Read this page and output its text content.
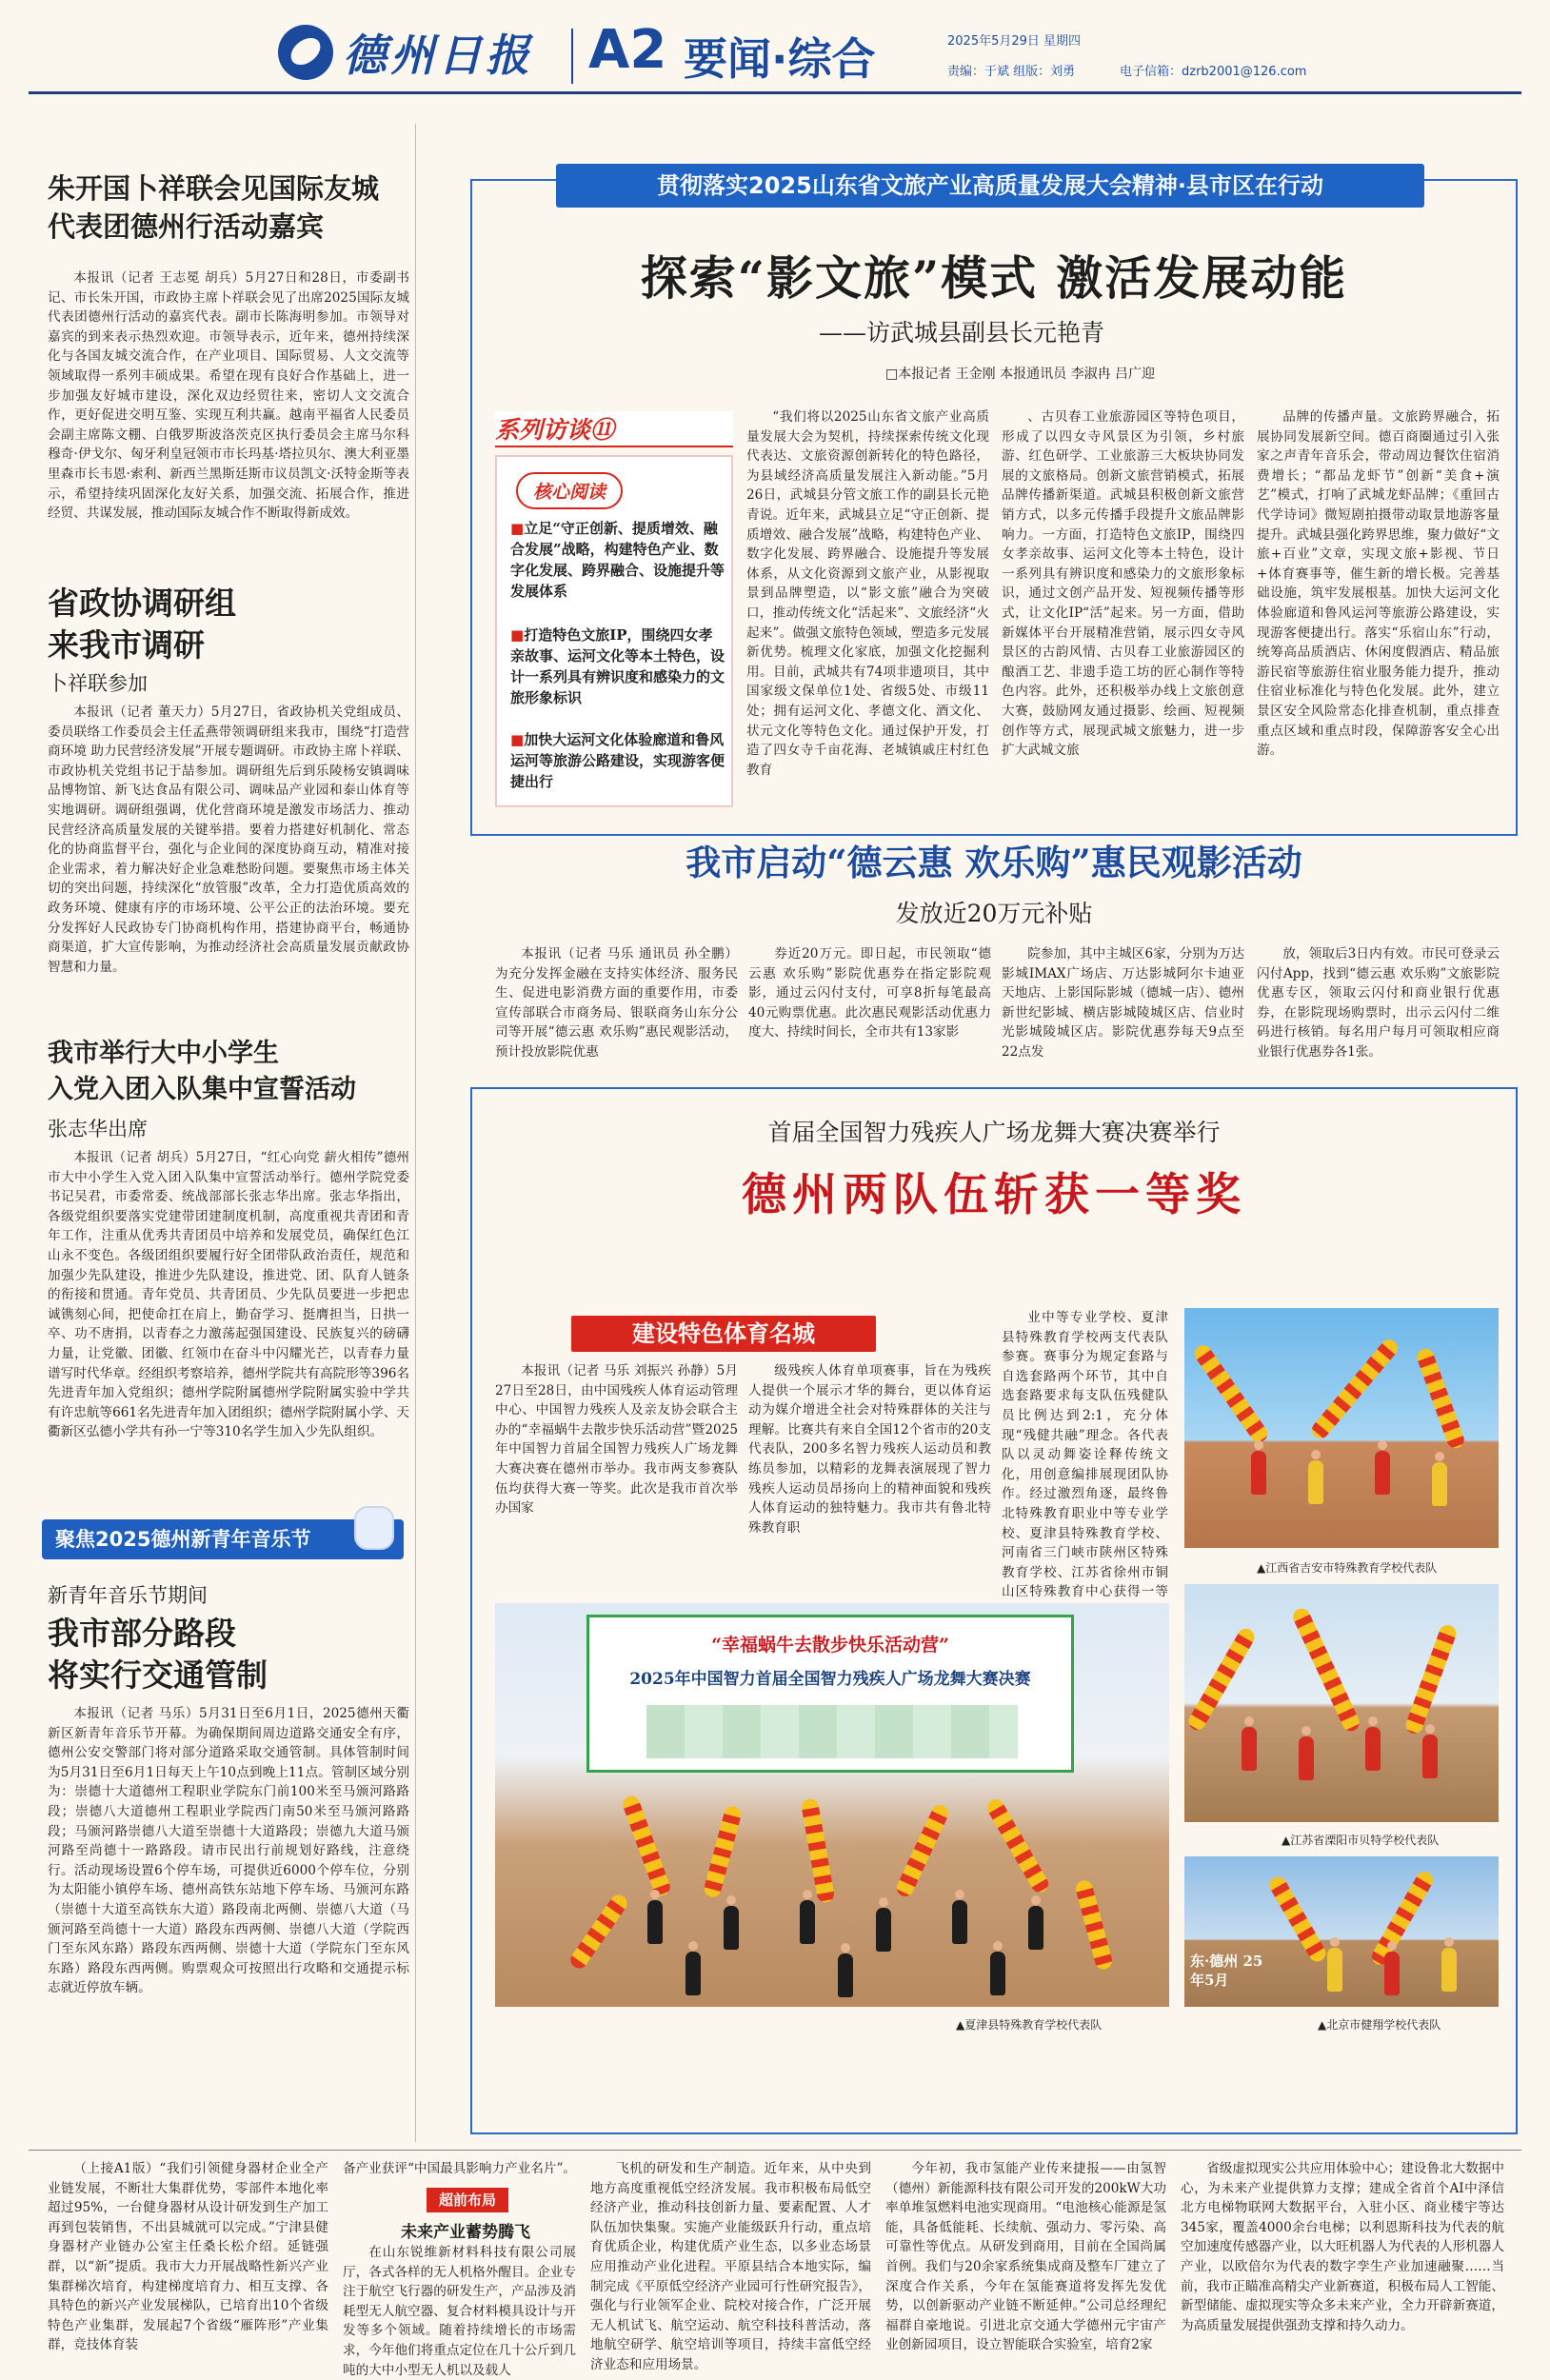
德州日报 A2 要闻·综合	2025年5月29日 星期四
责编：于斌 组版：刘勇	电子信箱：dzrb2001@126.com
朱开国卜祥联会见国际友城
代表团德州行活动嘉宾

本报讯（记者 王志冕 胡兵）5月27日和28日，市委副书记、市长朱开国，市政协主席卜祥联会见了出席2025国际友城代表团德州行活动的嘉宾代表。副市长陈海明参加。市领导对嘉宾的到来表示热烈欢迎。市领导表示，近年来，德州持续深化与各国友城交流合作，在产业项目、国际贸易、人文交流等领域取得一系列丰硕成果。希望在现有良好合作基础上，进一步加强友好城市建设，深化双边经贸往来，密切人文交流合作，更好促进交明互鉴、实现互利共赢。越南平福省人民委员会副主席陈文棚、白俄罗斯波洛茨克区执行委员会主席马尔科穆奇·伊戈尔、匈牙利皇冠领市市长玛基·塔拉贝尔、澳大利亚墨里森市长韦恩·索利、新西兰黑斯廷斯市议员凯文·沃特金斯等表示，希望持续巩固深化友好关系，加强交流、拓展合作，推进经贸、共谋发展，推动国际友城合作不断取得新成效。

省政协调研组
来我市调研
卜祥联参加

本报讯（记者 董天力）5月27日，省政协机关党组成员、委员联络工作委员会主任孟燕带领调研组来我市，围绕“打造营商环境 助力民营经济发展”开展专题调研。市政协主席卜祥联、市政协机关党组书记于喆参加。调研组先后到乐陵杨安镇调味品博物馆、新飞达食品有限公司、调味品产业园和泰山体育等实地调研。调研组强调，优化营商环境是激发市场活力、推动民营经济高质量发展的关键举措。要着力搭建好机制化、常态化的协商监督平台，强化与企业间的深度协商互动，精准对接企业需求，着力解决好企业急难愁盼问题。要聚焦市场主体关切的突出问题，持续深化“放管服”改革，全力打造优质高效的政务环境、健康有序的市场环境、公平公正的法治环境。要充分发挥好人民政协专门协商机构作用，搭建协商平台，畅通协商渠道，扩大宣传影响，为推动经济社会高质量发展贡献政协智慧和力量。

我市举行大中小学生
入党入团入队集中宣誓活动
张志华出席

本报讯（记者 胡兵）5月27日，“红心向党 薪火相传”德州市大中小学生入党入团入队集中宣誓活动举行。德州学院党委书记吴君，市委常委、统战部部长张志华出席。张志华指出，各级党组织要落实党建带团建制度机制，高度重视共青团和青年工作，注重从优秀共青团员中培养和发展党员，确保红色江山永不变色。各级团组织要履行好全团带队政治责任，规范和加强少先队建设，推进少先队建设，推进党、团、队育人链条的衔接和贯通。青年党员、共青团员、少先队员要进一步把忠诚镌刻心间，把使命扛在肩上，勤奋学习、挺膺担当，日拱一卒、功不唐捐，以青春之力激荡起强国建设、民族复兴的磅礴力量，让党徽、团徽、红领巾在奋斗中闪耀光芒，以青春力量谱写时代华章。经组织考察培养，德州学院共有高院形等396名先进青年加入党组织；德州学院附属德州学院附属实验中学共有许忠航等661名先进青年加入团组织；德州学院附属小学、天衢新区弘德小学共有孙一宁等310名学生加入少先队组织。

聚焦2025德州新青年音乐节
新青年音乐节期间
我市部分路段
将实行交通管制

本报讯（记者 马乐）5月31日至6月1日，2025德州天衢新区新青年音乐节开幕。为确保期间周边道路交通安全有序，德州公安交警部门将对部分道路采取交通管制。具体管制时间为5月31日至6月1日每天上午10点到晚上11点。管制区域分别为：崇德十大道德州工程职业学院东门前100米至马颁河路路段；崇德八大道德州工程职业学院西门南50米至马颁河路路段；马颁河路崇德八大道至崇德十大道路段；崇德九大道马颁河路至尚德十一路路段。请市民出行前规划好路线，注意绕行。活动现场设置6个停车场，可提供近6000个停车位，分别为太阳能小镇停车场、德州高铁东站地下停车场、马颁河东路（崇德十大道至高铁东大道）路段南北两侧、崇德八大道（马颁河路至尚德十一大道）路段东西两侧、崇德八大道（学院西门至东风东路）路段东西两侧、崇德十大道（学院东门至东风东路）路段东西两侧。购票观众可按照出行攻略和交通提示标志就近停放车辆。

贯彻落实2025山东省文旅产业高质量发展大会精神·县市区在行动
探索“影文旅”模式 激活发展动能
——访武城县副县长元艳青
□本报记者 王金刚 本报通讯员 李淑冉 吕广迎
系列访谈⑪
核心阅读
■立足“守正创新、提质增效、融合发展”战略，构建特色产业、数字化发展、跨界融合、设施提升等发展体系
■打造特色文旅IP，围绕四女孝亲故事、运河文化等本土特色，设计一系列具有辨识度和感染力的文旅形象标识
■加快大运河文化体验廊道和鲁风运河等旅游公路建设，实现游客便捷出行

“我们将以2025山东省文旅产业高质量发展大会为契机，持续探索传统文化现代表达、文旅资源创新转化的特色路径，为县域经济高质量发展注入新动能。”5月26日，武城县分管文旅工作的副县长元艳青说。近年来，武城县立足“守正创新、提质增效、融合发展”战略，构建特色产业、数字化发展、跨界融合、设施提升等发展体系，从文化资源到文旅产业，从影视取景到品牌塑造，以“影文旅”融合为突破口，推动传统文化“活起来”、文旅经济“火起来”。做强文旅特色领域，塑造多元发展新优势。梳理文化家底，加强文化挖掘利用。目前，武城共有74项非遗项目，其中国家级文保单位1处、省级5处、市级11处；拥有运河文化、孝德文化、酒文化、状元文化等特色文化。通过保护开发，打造了四女寺千亩花海、老城镇戚庄村红色教育

、古贝春工业旅游园区等特色项目，形成了以四女寺风景区为引领，乡村旅游、红色研学、工业旅游三大板块协同发展的文旅格局。创新文旅营销模式，拓展品牌传播新渠道。武城县积极创新文旅营销方式，以多元传播手段提升文旅品牌影响力。一方面，打造特色文旅IP，围绕四女孝亲故事、运河文化等本土特色，设计一系列具有辨识度和感染力的文旅形象标识，通过文创产品开发、短视频传播等形式，让文化IP“活”起来。另一方面，借助新媒体平台开展精准营销，展示四女寺风景区的古韵风情、古贝春工业旅游园区的酿酒工艺、非遗手造工坊的匠心制作等特色内容。此外，还积极举办线上文旅创意大赛，鼓励网友通过摄影、绘画、短视频创作等方式，展现武城文旅魅力，进一步扩大武城文旅

品牌的传播声量。文旅跨界融合，拓展协同发展新空间。德百商圈通过引入张家之声青年音乐会，带动周边餐饮住宿消费增长；“都品龙虾节”创新“美食+演艺”模式，打响了武城龙虾品牌；《重回古代学诗词》微短剧拍摄带动取景地游客量提升。武城县强化跨界思维，聚力做好“文旅+百业”文章，实现文旅+影视、节日+体育赛事等，催生新的增长极。完善基础设施，筑牢发展根基。加快大运河文化体验廊道和鲁风运河等旅游公路建设，实现游客便捷出行。落实“乐宿山东”行动，统筹高品质酒店、休闲度假酒店、精品旅游民宿等旅游住宿业服务能力提升，推动住宿业标准化与特色化发展。此外，建立景区安全风险常态化排查机制，重点排查重点区域和重点时段，保障游客安全心出游。

我市启动“德云惠 欢乐购”惠民观影活动
发放近20万元补贴

本报讯（记者 马乐 通讯员 孙全鹏）为充分发挥金融在支持实体经济、服务民生、促进电影消费方面的重要作用，市委宣传部联合市商务局、银联商务山东分公司等开展“德云惠 欢乐购”惠民观影活动，预计投放影院优惠

券近20万元。即日起，市民领取“德云惠 欢乐购”影院优惠券在指定影院观影，通过云闪付支付，可享8折每笔最高40元购票优惠。此次惠民观影活动优惠力度大、持续时间长，全市共有13家影

院参加，其中主城区6家，分别为万达影城IMAX广场店、万达影城阿尔卡迪亚天地店、上影国际影城（德城一店）、德州新世纪影城、横店影城陵城区店、信业时光影城陵城区店。影院优惠券每天9点至22点发

放，领取后3日内有效。市民可登录云闪付App，找到“德云惠 欢乐购”文旅影院优惠专区，领取云闪付和商业银行优惠券，在影院现场购票时，出示云闪付二维码进行核销。每名用户每月可领取相应商业银行优惠券各1张。

首届全国智力残疾人广场龙舞大赛决赛举行
德州两队伍斩获一等奖
建设特色体育名城

本报讯（记者 马乐 刘振兴 孙静）5月27日至28日，由中国残疾人体育运动管理中心、中国智力残疾人及亲友协会联合主办的“幸福蜗牛去散步快乐活动营”暨2025年中国智力首届全国智力残疾人广场龙舞大赛决赛在德州市举办。我市两支参赛队伍均获得大赛一等奖。此次是我市首次举办国家

级残疾人体育单项赛事，旨在为残疾人提供一个展示才华的舞台，更以体育运动为媒介增进全社会对特殊群体的关注与理解。比赛共有来自全国12个省市的20支代表队，200多名智力残疾人运动员和教练员参加，以精彩的龙舞表演展现了智力残疾人运动员昂扬向上的精神面貌和残疾人体育运动的独特魅力。我市共有鲁北特殊教育职

业中等专业学校、夏津县特殊教育学校两支代表队参赛。赛事分为规定套路与自选套路两个环节，其中自选套路要求每支队伍残健队员比例达到2:1，充分体现“残健共融”理念。各代表队以灵动舞姿诠释传统文化，用创意编排展现团队协作。经过激烈角逐，最终鲁北特殊教育职业中等专业学校、夏津县特殊教育学校、河南省三门峡市陕州区特殊教育学校、江苏省徐州市铜山区特殊教育中心获得一等

“幸福蜗牛去散步快乐活动营”
2025年中国智力首届全国智力残疾人广场龙舞大赛决赛
▲夏津县特殊教育学校代表队
▲江西省吉安市特殊教育学校代表队
▲江苏省溧阳市贝特学校代表队
东·德州 25年5月
▲北京市健翔学校代表队

（上接A1版）“我们引领健身器材企业全产业链发展，不断壮大集群优势，零部件本地化率超过95%，一台健身器材从设计研发到生产加工再到包装销售，不出县城就可以完成。”宁津县健身器材产业链办公室主任桑长松介绍。延链强群，以“新”提质。我市大力开展战略性新兴产业集群梯次培育，构建梯度培育力、相互支撑、各具特色的新兴产业发展梯队，已培育出10个省级特色产业集群，发展起7个省级“雁阵形”产业集群，竞技体育装

备产业获评“中国最具影响力产业名片”。

超前布局
未来产业蓄势腾飞

在山东锐维新材料科技有限公司展厅，各式各样的无人机格外醒目。企业专注于航空飞行器的研发生产，产品涉及消耗型无人航空器、复合材料模具设计与开发等多个领域。随着持续增长的市场需求，今年他们将重点定位在几十公斤到几吨的大中小型无人机以及载人

飞机的研发和生产制造。近年来，从中央到地方高度重视低空经济发展。我市积极布局低空经济产业，推动科技创新力量、要素配置、人才队伍加快集聚。实施产业能级跃升行动，重点培育优质企业，构建优质产业生态，以多业态场景应用推动产业化进程。平原县结合本地实际，编制完成《平原低空经济产业园可行性研究报告》，强化与行业领军企业、院校对接合作，广泛开展无人机试飞、航空运动、航空科技科普活动，落地航空研学、航空培训等项目，持续丰富低空经济业态和应用场景。

今年初，我市氢能产业传来捷报——由氢智（德州）新能源科技有限公司开发的200kW大功率单堆氢燃料电池实现商用。“电池核心能源是氢能，具备低能耗、长续航、强动力、零污染、高可靠性等优点。从研发到商用，目前在全国尚属首例。我们与20余家系统集成商及整车厂建立了深度合作关系，今年在氢能赛道将发挥先发优势，以创新驱动产业链不断延伸。”公司总经理纪福群自豪地说。引进北京交通大学德州元宇宙产业创新园项目，设立智能联合实验室，培育2家

省级虚拟现实公共应用体验中心；建设鲁北大数据中心，为未来产业提供算力支撑；建成全省首个AI中泽信北方电梯物联网大数据平台，入驻小区、商业楼宇等达345家，覆盖4000余台电梯；以利恩斯科技为代表的航空加速度传感器产业，以大旺机器人为代表的人形机器人产业，以欧倍尔为代表的数字孪生产业加速融聚……当前，我市正瞄准高精尖产业新赛道，积极布局人工智能、新型储能、虚拟现实等众多未来产业，全力开辟新赛道，为高质量发展提供强劲支撑和持久动力。
